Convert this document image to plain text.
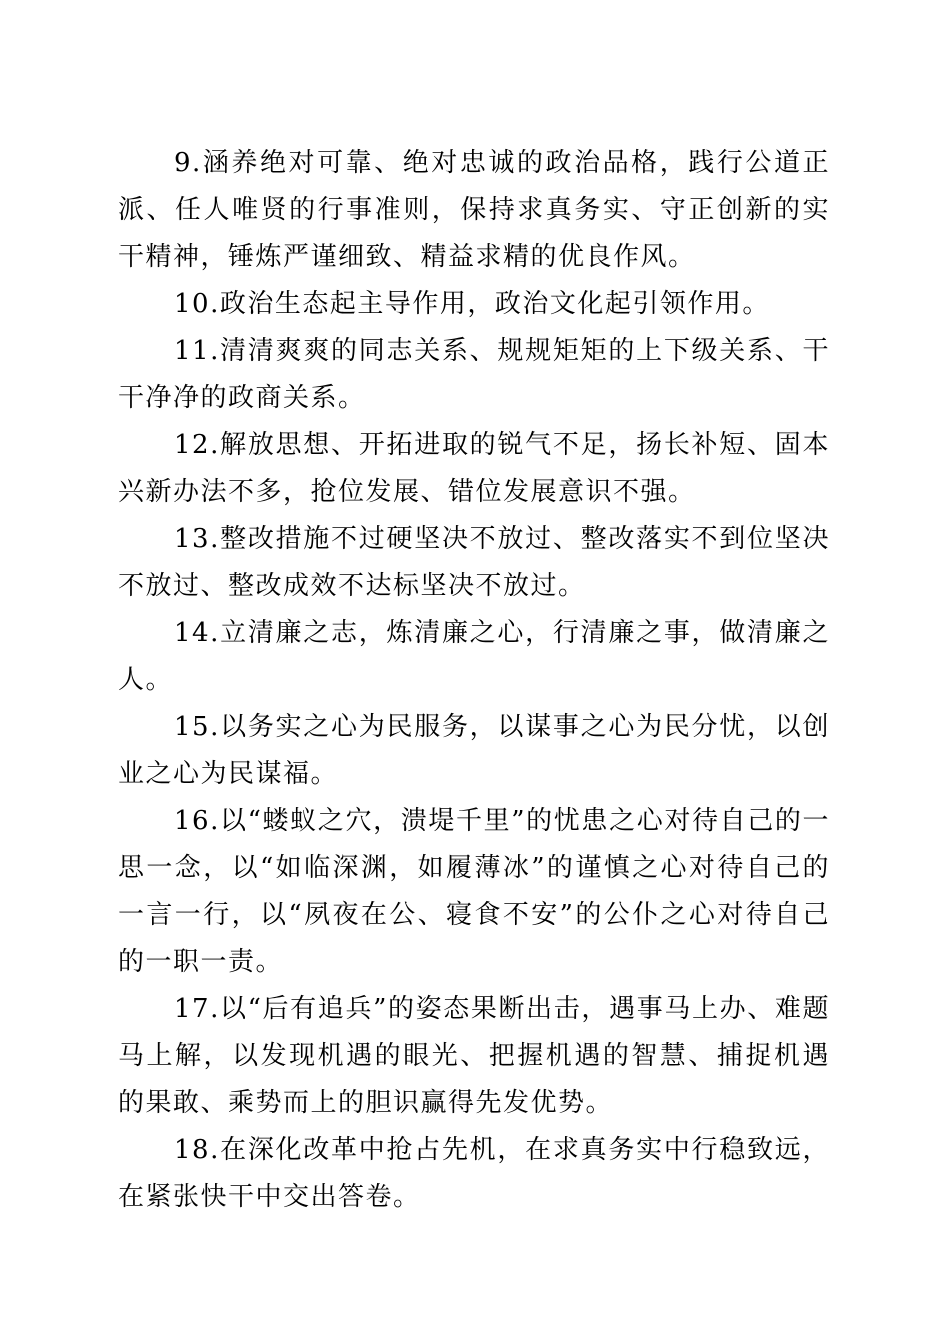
9.涵养绝对可靠、绝对忠诚的政治品格，践行公道正派、任人唯贤的行事准则，保持求真务实、守正创新的实干精神，锤炼严谨细致、精益求精的优良作风。

10.政治生态起主导作用，政治文化起引领作用。

11.清清爽爽的同志关系、规规矩矩的上下级关系、干干净净的政商关系。

12.解放思想、开拓进取的锐气不足，扬长补短、固本兴新办法不多，抢位发展、错位发展意识不强。

13.整改措施不过硬坚决不放过、整改落实不到位坚决不放过、整改成效不达标坚决不放过。

14.立清廉之志，炼清廉之心，行清廉之事，做清廉之人。

15.以务实之心为民服务，以谋事之心为民分忧，以创业之心为民谋福。

16.以“蝼蚁之穴，溃堤千里”的忧患之心对待自己的一思一念，以“如临深渊，如履薄冰”的谨慎之心对待自己的一言一行，以“夙夜在公、寝食不安”的公仆之心对待自己的一职一责。

17.以“后有追兵”的姿态果断出击，遇事马上办、难题马上解，以发现机遇的眼光、把握机遇的智慧、捕捉机遇的果敢、乘势而上的胆识赢得先发优势。

18.在深化改革中抢占先机，在求真务实中行稳致远，在紧张快干中交出答卷。
